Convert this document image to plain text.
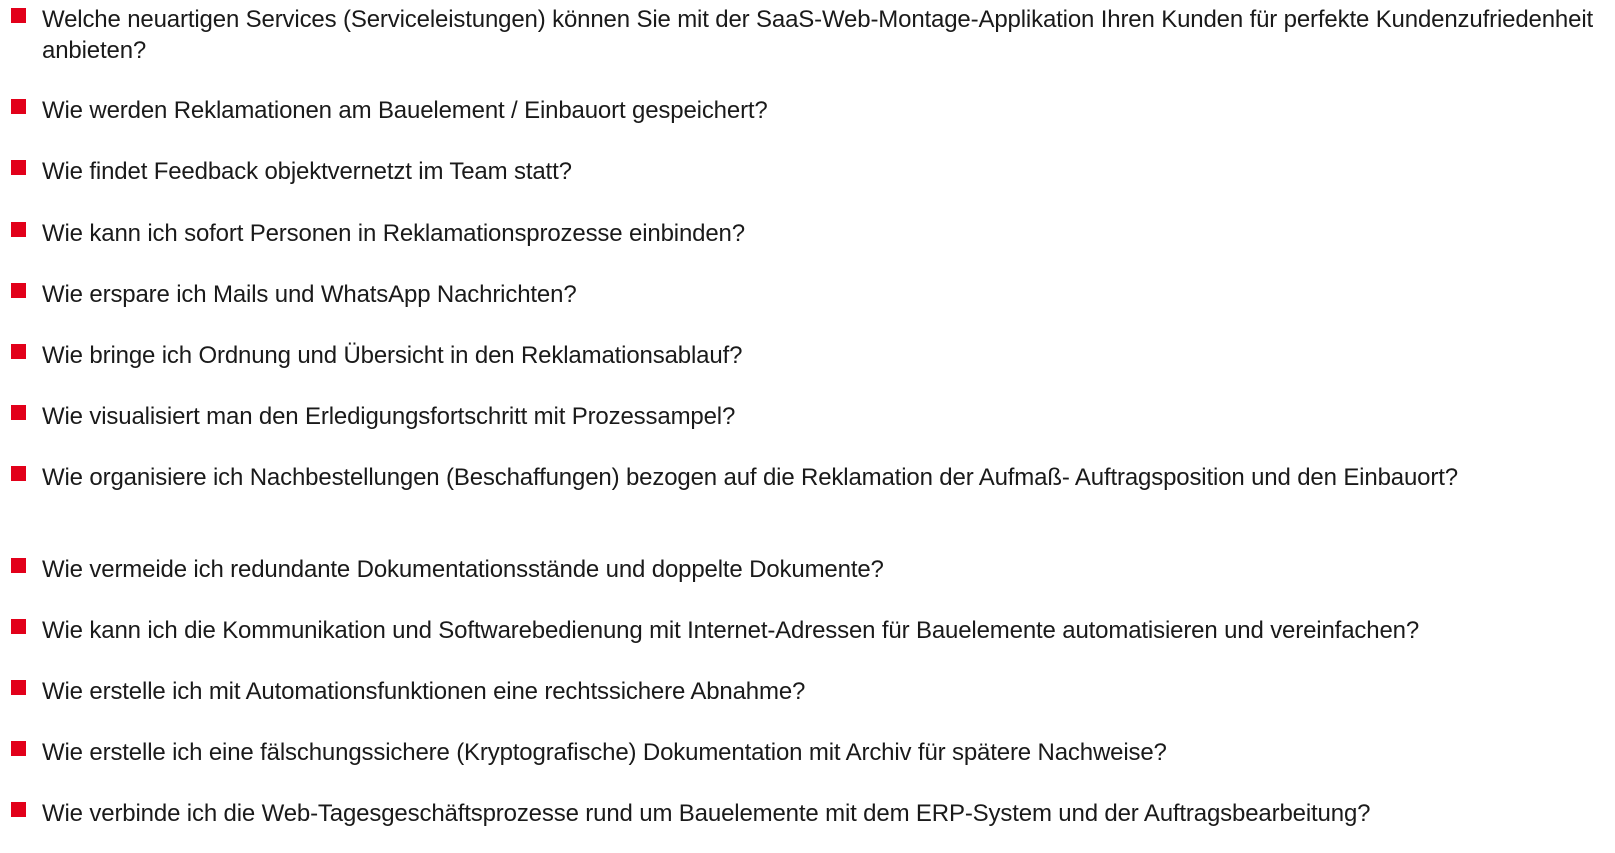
Welche neuartigen Services (Serviceleistungen) können Sie mit der SaaS-Web-Montage-Applikation Ihren Kunden für perfekte Kundenzufriedenheit anbieten?
Wie werden Reklamationen am Bauelement / Einbauort gespeichert?
Wie findet Feedback objektvernetzt im Team statt?
Wie kann ich sofort Personen in Reklamationsprozesse einbinden?
Wie erspare ich Mails und WhatsApp Nachrichten?
Wie bringe ich Ordnung und Übersicht in den Reklamationsablauf?
Wie visualisiert man den Erledigungsfortschritt mit Prozessampel?
Wie organisiere ich Nachbestellungen (Beschaffungen) bezogen auf die Reklamation der Aufmaß- Auftragsposition und den Einbauort?
Wie vermeide ich redundante Dokumentationsstände und doppelte Dokumente?
Wie kann ich die Kommunikation und Softwarebedienung mit Internet-Adressen für Bauelemente automatisieren und vereinfachen?
Wie erstelle ich mit Automationsfunktionen eine rechtssichere Abnahme?
Wie erstelle ich eine fälschungssichere (Kryptografische) Dokumentation mit Archiv für spätere Nachweise?
Wie verbinde ich die Web-Tagesgeschäftsprozesse rund um Bauelemente mit dem ERP-System und der Auftragsbearbeitung?
